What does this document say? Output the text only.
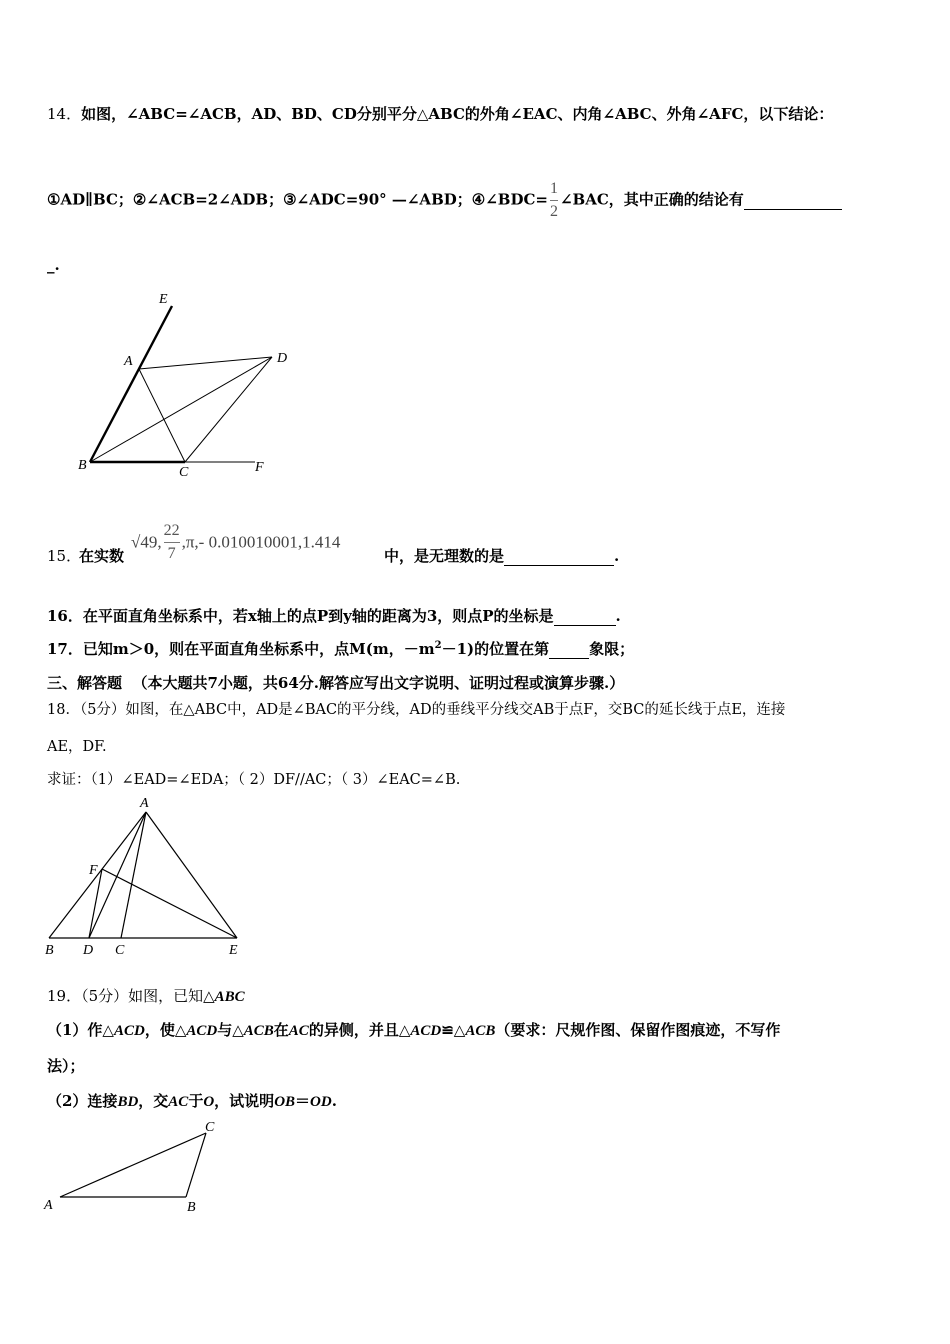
14．如图，∠ABC=∠ACB，AD、BD、CD分别平分△ABC的外角∠EAC、内角∠ABC、外角∠AFC，以下结论：
①AD∥BC；②∠ACB=2∠ADB；③∠ADC=90° —∠ABD；④∠BDC= $\frac{1}{2}$ ∠BAC，其中正确的结论有
_.
E
A	D
B	C	F
15．
在实数
√49, $\frac{22}{7} ,\pi,-$ 0.010010001,1.414
中，是无理数的是	.
16．在平面直角坐标系中，若x轴上的点P到y轴的距离为3，则点P的坐标是	.
17．已知m＞0，则在平面直角坐标系中，点M(m，$-m^2-1$)的位置在第	象限；
三、解答题 （本大题共7小题，共64分.解答应写出文字说明、证明过程或演算步骤.）
18．（5分）如图，在△ABC中，AD是∠BAC的平分线，AD的垂线平分线交AB于点F，交BC的延长线于点E，连接
AE，DF.
求证：（1）∠EAD=∠EDA；（ 2）DF//AC；（ 3）∠EAC=∠B.
A
F
B D C	E
19．（5分）如图，已知△ABC
（1）作△ACD，使△ACD与△ACB在AC的异侧，并且△ACD≌△ACB（要求：尺规作图、保留作图痕迹，不写作
法）；
（2）连接BD，交AC于O，试说明OB＝OD.
A	B
C
